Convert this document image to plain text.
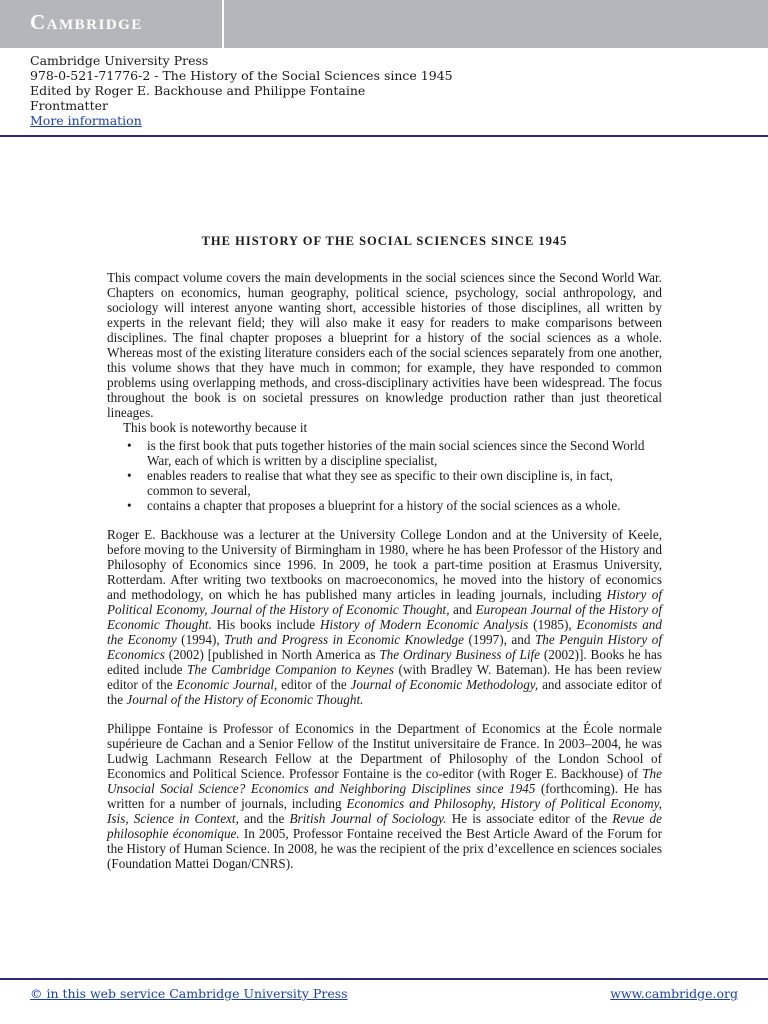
Cambridge
Cambridge University Press
978-0-521-71776-2 - The History of the Social Sciences since 1945
Edited by Roger E. Backhouse and Philippe Fontaine
Frontmatter
More information
THE HISTORY OF THE SOCIAL SCIENCES SINCE 1945

This compact volume covers the main developments in the social sciences since the Second World War. Chapters on economics, human geography, political science, psychology, social anthropology, and sociology will interest anyone wanting short, accessible histories of those disciplines, all written by experts in the relevant field; they will also make it easy for readers to make comparisons between disciplines. The final chapter proposes a blueprint for a history of the social sciences as a whole. Whereas most of the existing literature considers each of the social sciences separately from one another, this volume shows that they have much in common; for example, they have responded to common problems using overlapping methods, and cross-disciplinary activities have been widespread. The focus throughout the book is on societal pressures on knowledge production rather than just theoretical lineages.

This book is noteworthy because it

• is the first book that puts together histories of the main social sciences since the Second World War, each of which is written by a discipline specialist,
• enables readers to realise that what they see as specific to their own discipline is, in fact, common to several,
• contains a chapter that proposes a blueprint for a history of the social sciences as a whole.

Roger E. Backhouse was a lecturer at the University College London and at the University of Keele, before moving to the University of Birmingham in 1980, where he has been Professor of the History and Philosophy of Economics since 1996. In 2009, he took a part-time position at Erasmus University, Rotterdam. After writing two textbooks on macroeconomics, he moved into the history of economics and methodology, on which he has published many articles in leading journals, including History of Political Economy, Journal of the History of Economic Thought, and European Journal of the History of Economic Thought. His books include History of Modern Economic Analysis (1985), Economists and the Economy (1994), Truth and Progress in Economic Knowledge (1997), and The Penguin History of Economics (2002) [published in North America as The Ordinary Business of Life (2002)]. Books he has edited include The Cambridge Companion to Keynes (with Bradley W. Bateman). He has been review editor of the Economic Journal, editor of the Journal of Economic Methodology, and associate editor of the Journal of the History of Economic Thought.

Philippe Fontaine is Professor of Economics in the Department of Economics at the École normale supérieure de Cachan and a Senior Fellow of the Institut universitaire de France. In 2003–2004, he was Ludwig Lachmann Research Fellow at the Department of Philosophy of the London School of Economics and Political Science. Professor Fontaine is the co-editor (with Roger E. Backhouse) of The Unsocial Social Science? Economics and Neighboring Disciplines since 1945 (forthcoming). He has written for a number of journals, including Economics and Philosophy, History of Political Economy, Isis, Science in Context, and the British Journal of Sociology. He is associate editor of the Revue de philosophie économique. In 2005, Professor Fontaine received the Best Article Award of the Forum for the History of Human Science. In 2008, he was the recipient of the prix d’excellence en sciences sociales (Foundation Mattei Dogan/CNRS).

© in this web service Cambridge University Press	www.cambridge.org
